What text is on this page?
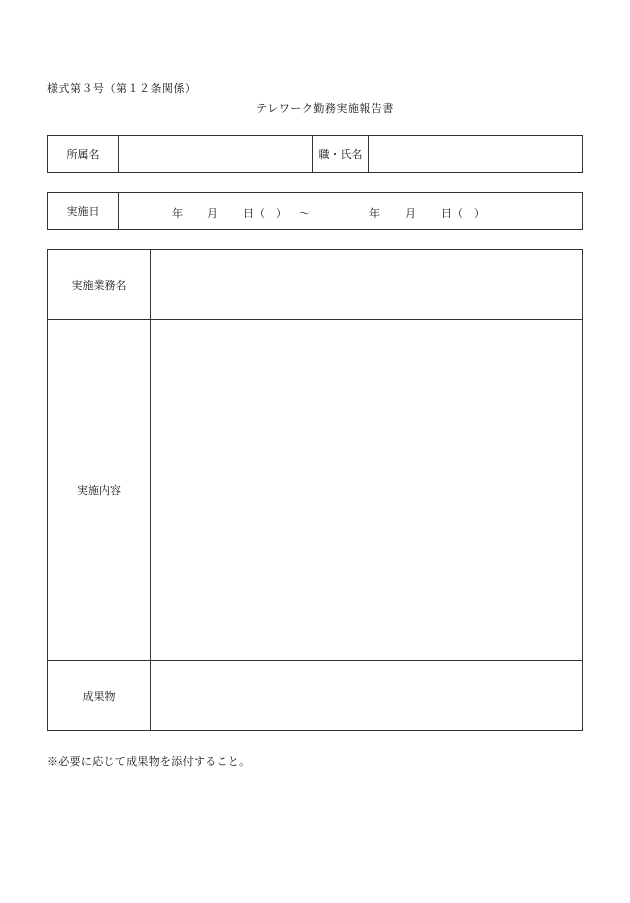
様式第３号（第１２条関係）
テレワーク勤務実施報告書
所属名		職・氏名	
実施日	年 月 日（　） ～	年 月 日（　）
実施業務名	
実施内容	
成果物	
※必要に応じて成果物を添付すること。
